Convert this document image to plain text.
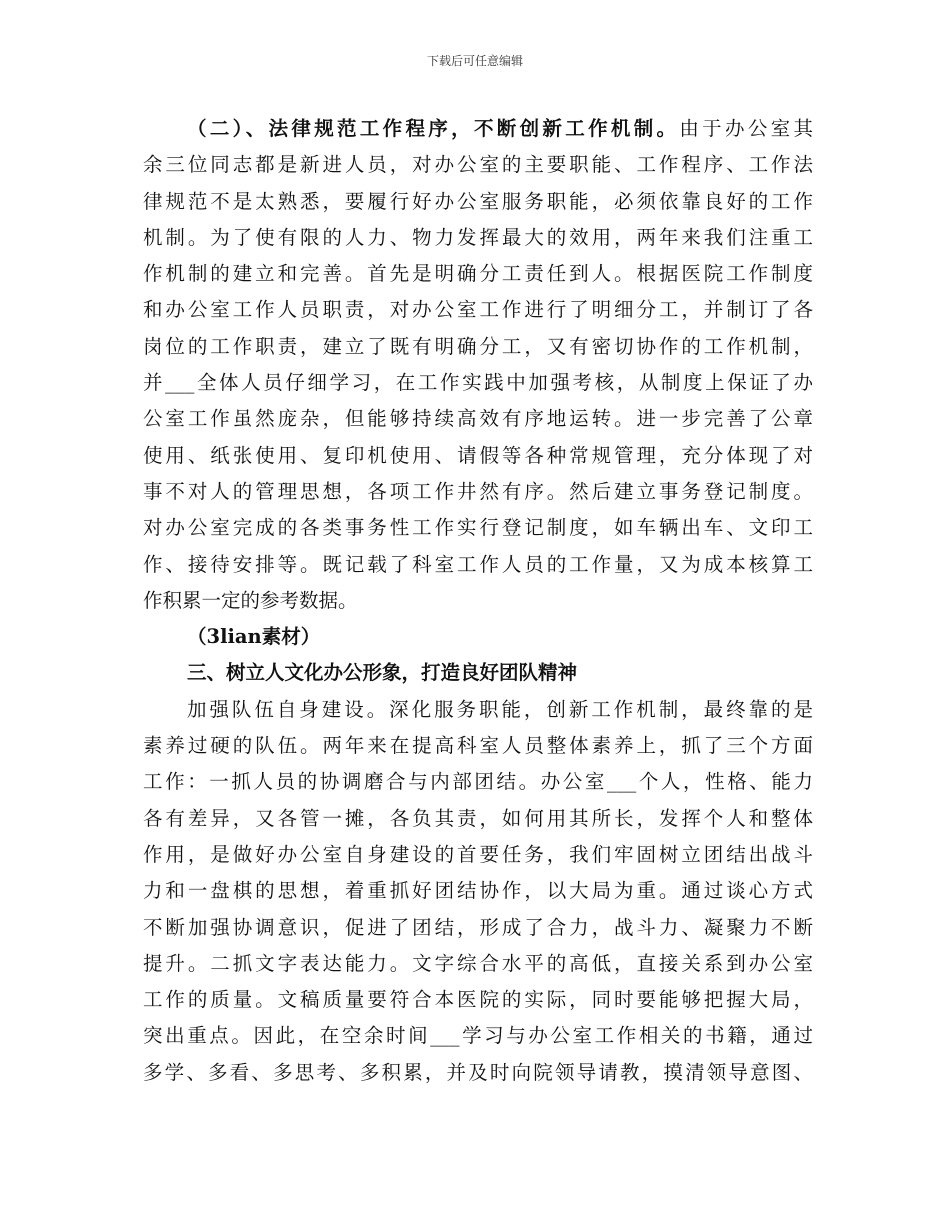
下载后可任意编辑
（二）、法律规范工作程序，不断创新工作机制。由于办公室其
余三位同志都是新进人员，对办公室的主要职能、工作程序、工作法
律规范不是太熟悉，要履行好办公室服务职能，必须依靠良好的工作
机制。为了使有限的人力、物力发挥最大的效用，两年来我们注重工
作机制的建立和完善。首先是明确分工责任到人。根据医院工作制度
和办公室工作人员职责，对办公室工作进行了明细分工，并制订了各
岗位的工作职责，建立了既有明确分工，又有密切协作的工作机制，
并___全体人员仔细学习，在工作实践中加强考核，从制度上保证了办
公室工作虽然庞杂，但能够持续高效有序地运转。进一步完善了公章
使用、纸张使用、复印机使用、请假等各种常规管理，充分体现了对
事不对人的管理思想，各项工作井然有序。然后建立事务登记制度。
对办公室完成的各类事务性工作实行登记制度，如车辆出车、文印工
作、接待安排等。既记载了科室工作人员的工作量，又为成本核算工
作积累一定的参考数据。
（3lian素材）
三、树立人文化办公形象，打造良好团队精神
加强队伍自身建设。深化服务职能，创新工作机制，最终靠的是
素养过硬的队伍。两年来在提高科室人员整体素养上，抓了三个方面
工作：一抓人员的协调磨合与内部团结。办公室___个人，性格、能力
各有差异，又各管一摊，各负其责，如何用其所长，发挥个人和整体
作用，是做好办公室自身建设的首要任务，我们牢固树立团结出战斗
力和一盘棋的思想，着重抓好团结协作，以大局为重。通过谈心方式
不断加强协调意识，促进了团结，形成了合力，战斗力、凝聚力不断
提升。二抓文字表达能力。文字综合水平的高低，直接关系到办公室
工作的质量。文稿质量要符合本医院的实际，同时要能够把握大局，
突出重点。因此，在空余时间___学习与办公室工作相关的书籍，通过
多学、多看、多思考、多积累，并及时向院领导请教，摸清领导意图、
